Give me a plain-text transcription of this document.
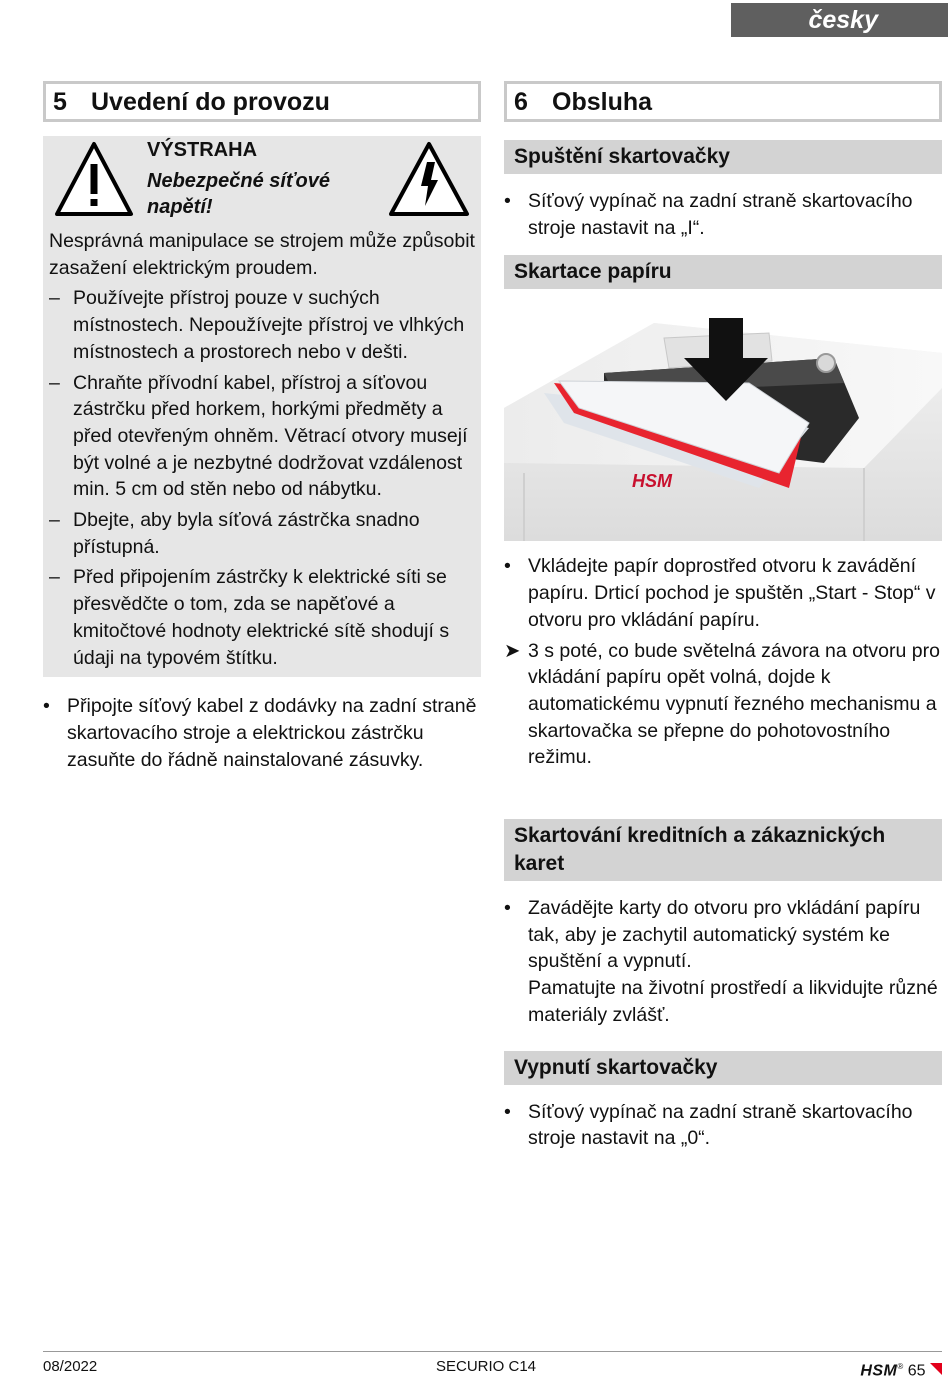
česky
5 Uvedení do provozu
VÝSTRAHA
Nebezpečné síťové napětí!

Nesprávná manipulace se strojem může způsobit zasažení elektrickým proudem.

– Používejte přístroj pouze v suchých místnostech. Nepoužívejte přístroj ve vlhkých místnostech a prostorech nebo v dešti.
– Chraňte přívodní kabel, přístroj a síťovou zástrčku před horkem, horkými předměty a před otevřeným ohněm. Větrací otvory musejí být volné a je nezbytné dodržovat vzdálenost min. 5 cm od stěn nebo od nábytku.
– Dbejte, aby byla síťová zástrčka snadno přístupná.
– Před připojením zástrčky k elektrické síti se přesvědčte o tom, zda se napěťové a kmitočtové hodnoty elektrické sítě shodují s údaji na typovém štítku.
• Připojte síťový kabel z dodávky na zadní straně skartovacího stroje a elektrickou zástrčku zasuňte do řádně nainstalované zásuvky.
6 Obsluha
Spuštění skartovačky
• Síťový vypínač na zadní straně skartovacího stroje nastavit na „I“.
Skartace papíru
HSM
• Vkládejte papír doprostřed otvoru k zavádění papíru. Drticí pochod je spuštěn „Start - Stop“ v otvoru pro vkládání papíru.
➤ 3 s poté, co bude světelná závora na otvoru pro vkládání papíru opět volná, dojde k automatickému vypnutí řezného mechanismu a skartovačka se přepne do pohotovostního režimu.
Skartování kreditních a zákaznických karet
• Zavádějte karty do otvoru pro vkládání papíru tak, aby je zachytil automatický systém ke spuštění a vypnutí.
Pamatujte na životní prostředí a likvidujte různé materiály zvlášť.
Vypnutí skartovačky
• Síťový vypínač na zadní straně skartovacího stroje nastavit na „0“.
08/2022	SECURIO C14	HSM® 65
